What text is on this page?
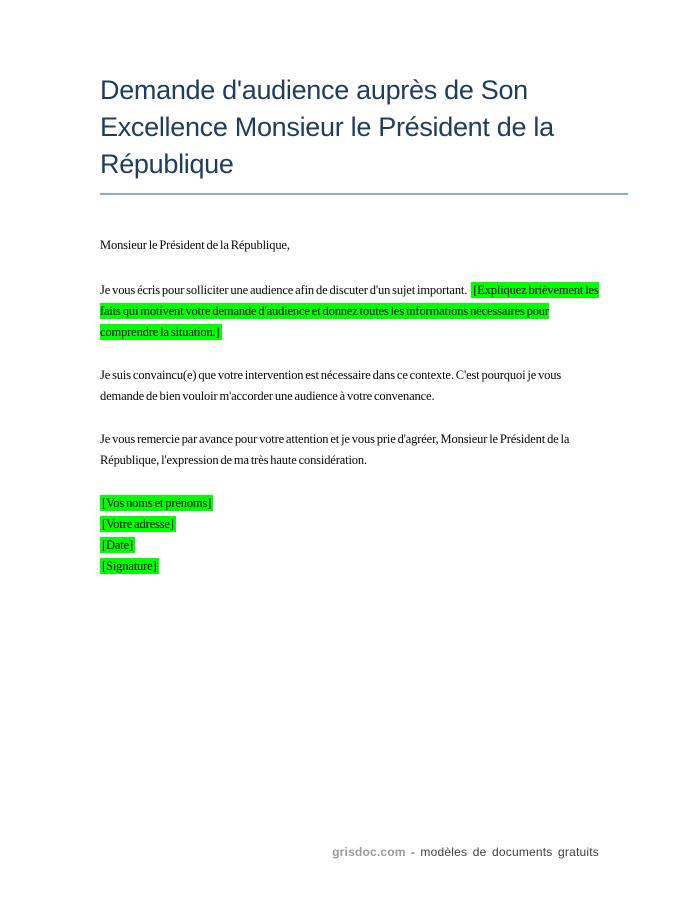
Demande d'audience auprès de Son Excellence Monsieur le Président de la République

Monsieur le Président de la République,

Je vous écris pour solliciter une audience afin de discuter d'un sujet important. [Expliquez brièvement les faits qui motivent votre demande d'audience et donnez toutes les informations nécessaires pour comprendre la situation.]

Je suis convaincu(e) que votre intervention est nécessaire dans ce contexte. C'est pourquoi je vous demande de bien vouloir m'accorder une audience à votre convenance.

Je vous remercie par avance pour votre attention et je vous prie d'agréer, Monsieur le Président de la République, l'expression de ma très haute considération.

[Vos noms et prénoms]
[Votre adresse]
[Date]
[Signature]
grisdoc.com - modèles de documents gratuits
